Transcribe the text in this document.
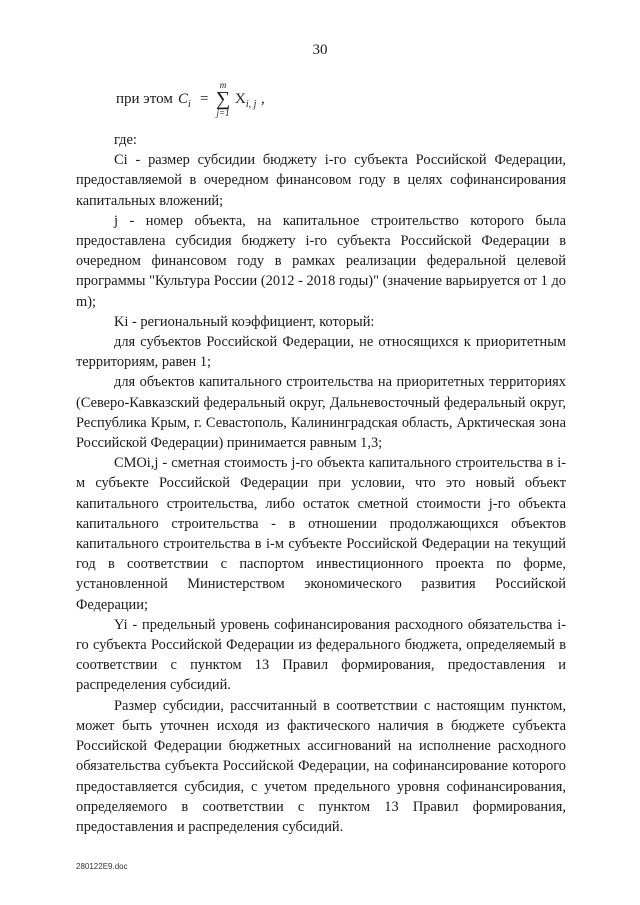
30
при этом $C_i$ =
m
∑
j=1
$X_{i, j}$ ,

где:

Сi - размер субсидии бюджету i-го субъекта Российской Федерации, предоставляемой в очередном финансовом году в целях софинансирования капитальных вложений;

j - номер объекта, на капитальное строительство которого была предоставлена субсидия бюджету i-го субъекта Российской Федерации в очередном финансовом году в рамках реализации федеральной целевой программы "Культура России (2012 - 2018 годы)" (значение варьируется от 1 до m);

Ki - региональный коэффициент, который:

для субъектов Российской Федерации, не относящихся к приоритетным территориям, равен 1;

для объектов капитального строительства на приоритетных территориях (Северо-Кавказский федеральный округ, Дальневосточный федеральный округ, Республика Крым, г. Севастополь, Калининградская область, Арктическая зона Российской Федерации) принимается равным 1,3;

СМОi,j - сметная стоимость j-го объекта капитального строительства в i-м субъекте Российской Федерации при условии, что это новый объект капитального строительства, либо остаток сметной стоимости j-го объекта капитального строительства - в отношении продолжающихся объектов капитального строительства в i-м субъекте Российской Федерации на текущий год в соответствии с паспортом инвестиционного проекта по форме, установленной Министерством экономического развития Российской Федерации;

Yi - предельный уровень софинансирования расходного обязательства i-го субъекта Российской Федерации из федерального бюджета, определяемый в соответствии с пунктом 13 Правил формирования, предоставления и распределения субсидий.

Размер субсидии, рассчитанный в соответствии с настоящим пунктом, может быть уточнен исходя из фактического наличия в бюджете субъекта Российской Федерации бюджетных ассигнований на исполнение расходного обязательства субъекта Российской Федерации, на софинансирование которого предоставляется субсидия, с учетом предельного уровня софинансирования, определяемого в соответствии с пунктом 13 Правил формирования, предоставления и распределения субсидий.

280122E9.doc
